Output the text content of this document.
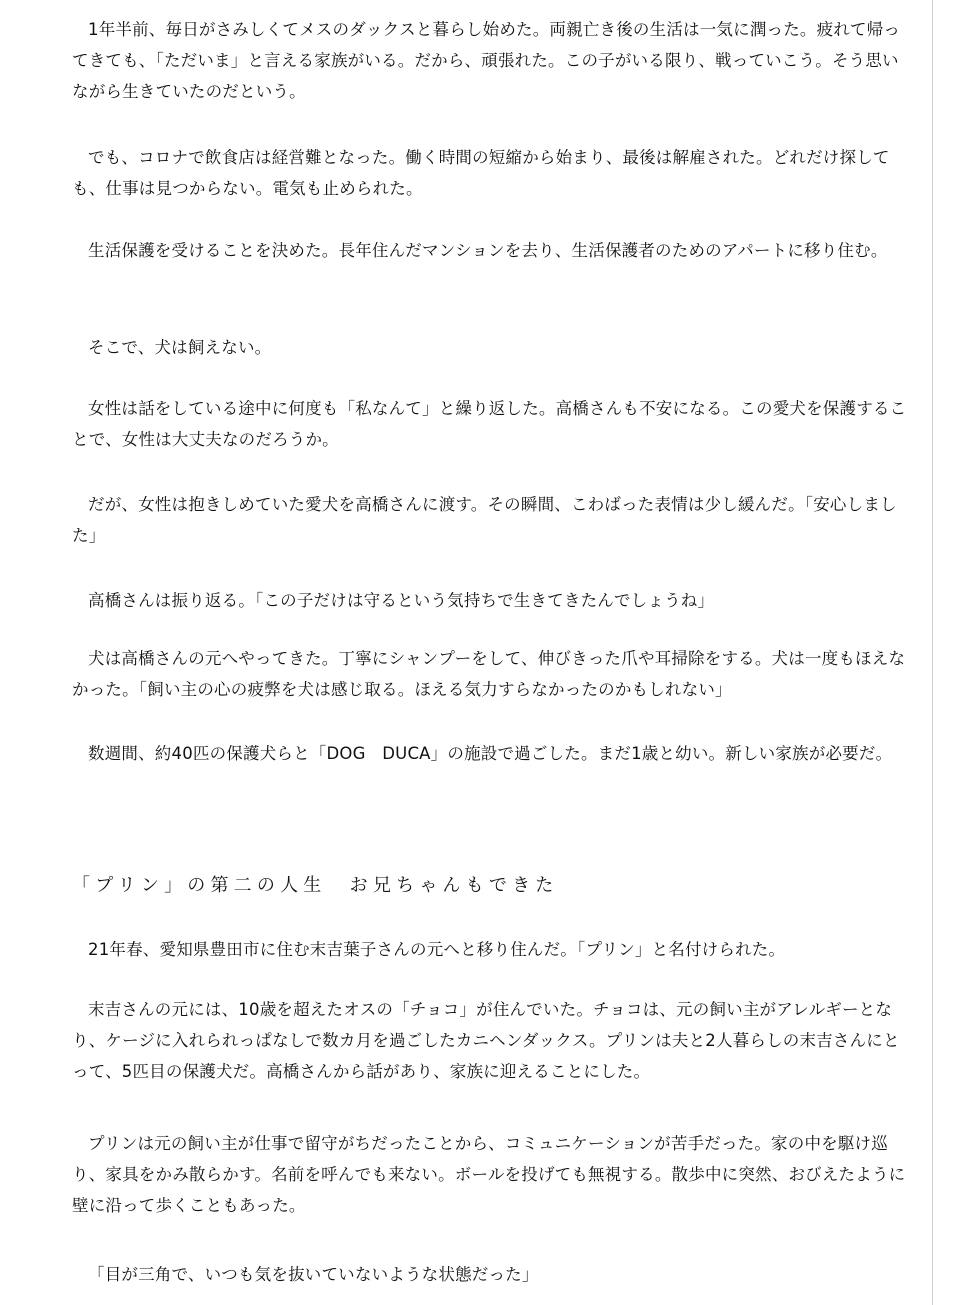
1年半前、毎日がさみしくてメスのダックスと暮らし始めた。両親亡き後の生活は一気に潤った。疲れて帰ってきても、「ただいま」と言える家族がいる。だから、頑張れた。この子がいる限り、戦っていこう。そう思いながら生きていたのだという。

でも、コロナで飲食店は経営難となった。働く時間の短縮から始まり、最後は解雇された。どれだけ探しても、仕事は見つからない。電気も止められた。

生活保護を受けることを決めた。長年住んだマンションを去り、生活保護者のためのアパートに移り住む。

そこで、犬は飼えない。

女性は話をしている途中に何度も「私なんて」と繰り返した。高橋さんも不安になる。この愛犬を保護することで、女性は大丈夫なのだろうか。

だが、女性は抱きしめていた愛犬を高橋さんに渡す。その瞬間、こわばった表情は少し緩んだ。「安心しました」

高橋さんは振り返る。「この子だけは守るという気持ちで生きてきたんでしょうね」

犬は高橋さんの元へやってきた。丁寧にシャンプーをして、伸びきった爪や耳掃除をする。犬は一度もほえなかった。「飼い主の心の疲弊を犬は感じ取る。ほえる気力すらなかったのかもしれない」

数週間、約40匹の保護犬らと「DOG　DUCA」の施設で過ごした。まだ1歳と幼い。新しい家族が必要だ。

「プリン」の第二の人生　お兄ちゃんもできた

21年春、愛知県豊田市に住む末吉葉子さんの元へと移り住んだ。「プリン」と名付けられた。

末吉さんの元には、10歳を超えたオスの「チョコ」が住んでいた。チョコは、元の飼い主がアレルギーとなり、ケージに入れられっぱなしで数カ月を過ごしたカニヘンダックス。プリンは夫と2人暮らしの末吉さんにとって、5匹目の保護犬だ。高橋さんから話があり、家族に迎えることにした。

プリンは元の飼い主が仕事で留守がちだったことから、コミュニケーションが苦手だった。家の中を駆け巡り、家具をかみ散らかす。名前を呼んでも来ない。ボールを投げても無視する。散歩中に突然、おびえたように壁に沿って歩くこともあった。

「目が三角で、いつも気を抜いていないような状態だった」
